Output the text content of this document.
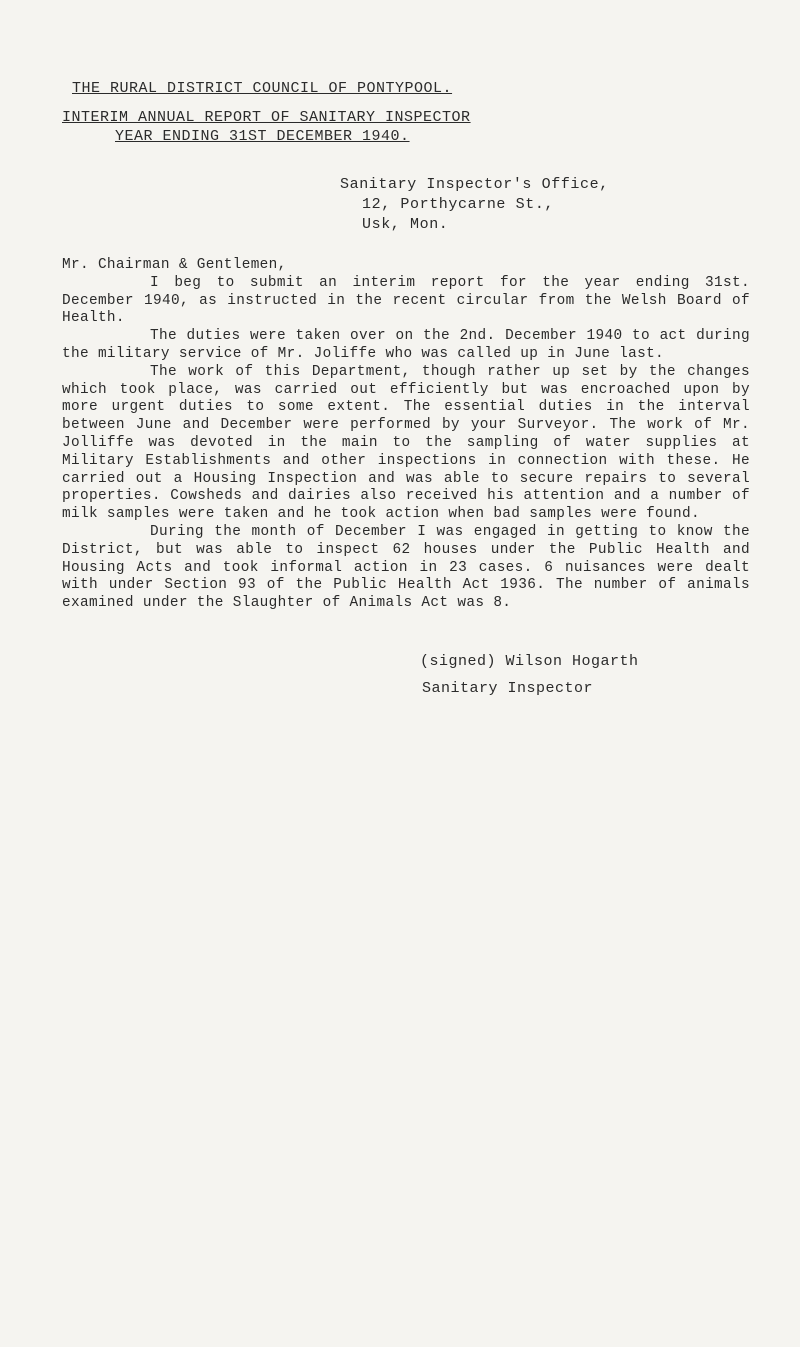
THE RURAL DISTRICT COUNCIL OF PONTYPOOL.
INTERIM ANNUAL REPORT OF SANITARY INSPECTOR
YEAR ENDING 31ST DECEMBER 1940.
Sanitary Inspector's Office,
12, Porthycarne St.,
Usk, Mon.

Mr. Chairman & Gentlemen,

I beg to submit an interim report for the year ending 31st. December 1940, as instructed in the recent circular from the Welsh Board of Health.

The duties were taken over on the 2nd. December 1940 to act during the military service of Mr. Joliffe who was called up in June last.

The work of this Department, though rather up set by the changes which took place, was carried out efficiently but was encroached upon by more urgent duties to some extent. The essential duties in the interval between June and December were performed by your Surveyor. The work of Mr. Jolliffe was devoted in the main to the sampling of water supplies at Military Establishments and other inspections in connection with these. He carried out a Housing Inspection and was able to secure repairs to several properties. Cowsheds and dairies also received his attention and a number of milk samples were taken and he took action when bad samples were found.

During the month of December I was engaged in getting to know the District, but was able to inspect 62 houses under the Public Health and Housing Acts and took informal action in 23 cases. 6 nuisances were dealt with under Section 93 of the Public Health Act 1936. The number of animals examined under the Slaughter of Animals Act was 8.

(signed) Wilson Hogarth
Sanitary Inspector
